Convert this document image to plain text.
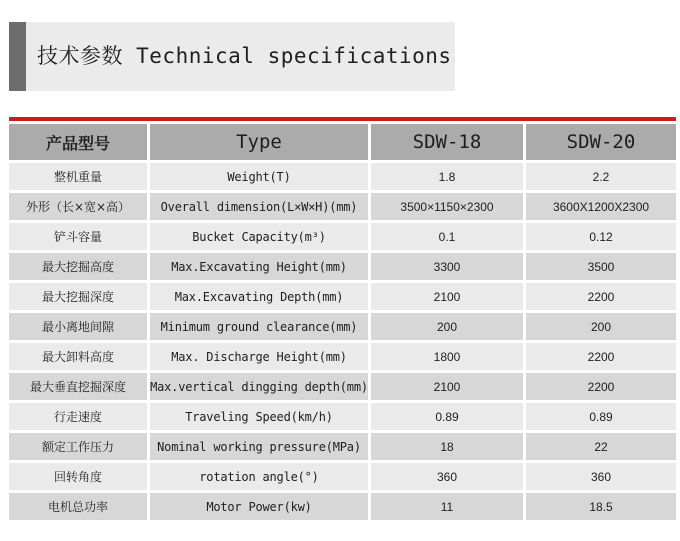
技术参数 Technical specifications
产品型号	Type	SDW-18	SDW-20
整机重量	Weight(T)	1.8	2.2
外形（长×宽×高）	Overall dimension(L×W×H)(mm)	3500×1150×2300	3600X1200X2300
铲斗容量	Bucket Capacity(m³)	0.1	0.12
最大挖掘高度	Max.Excavating Height(mm)	3300	3500
最大挖掘深度	Max.Excavating Depth(mm)	2100	2200
最小离地间隙	Minimum ground clearance(mm)	200	200
最大卸料高度	Max. Discharge Height(mm)	1800	2200
最大垂直挖掘深度	Max.vertical dingging depth(mm)	2100	2200
行走速度	Traveling Speed(km/h)	0.89	0.89
额定工作压力	Nominal working pressure(MPa)	18	22
回转角度	rotation angle(°)	360	360
电机总功率	Motor Power(kw)	11	18.5
